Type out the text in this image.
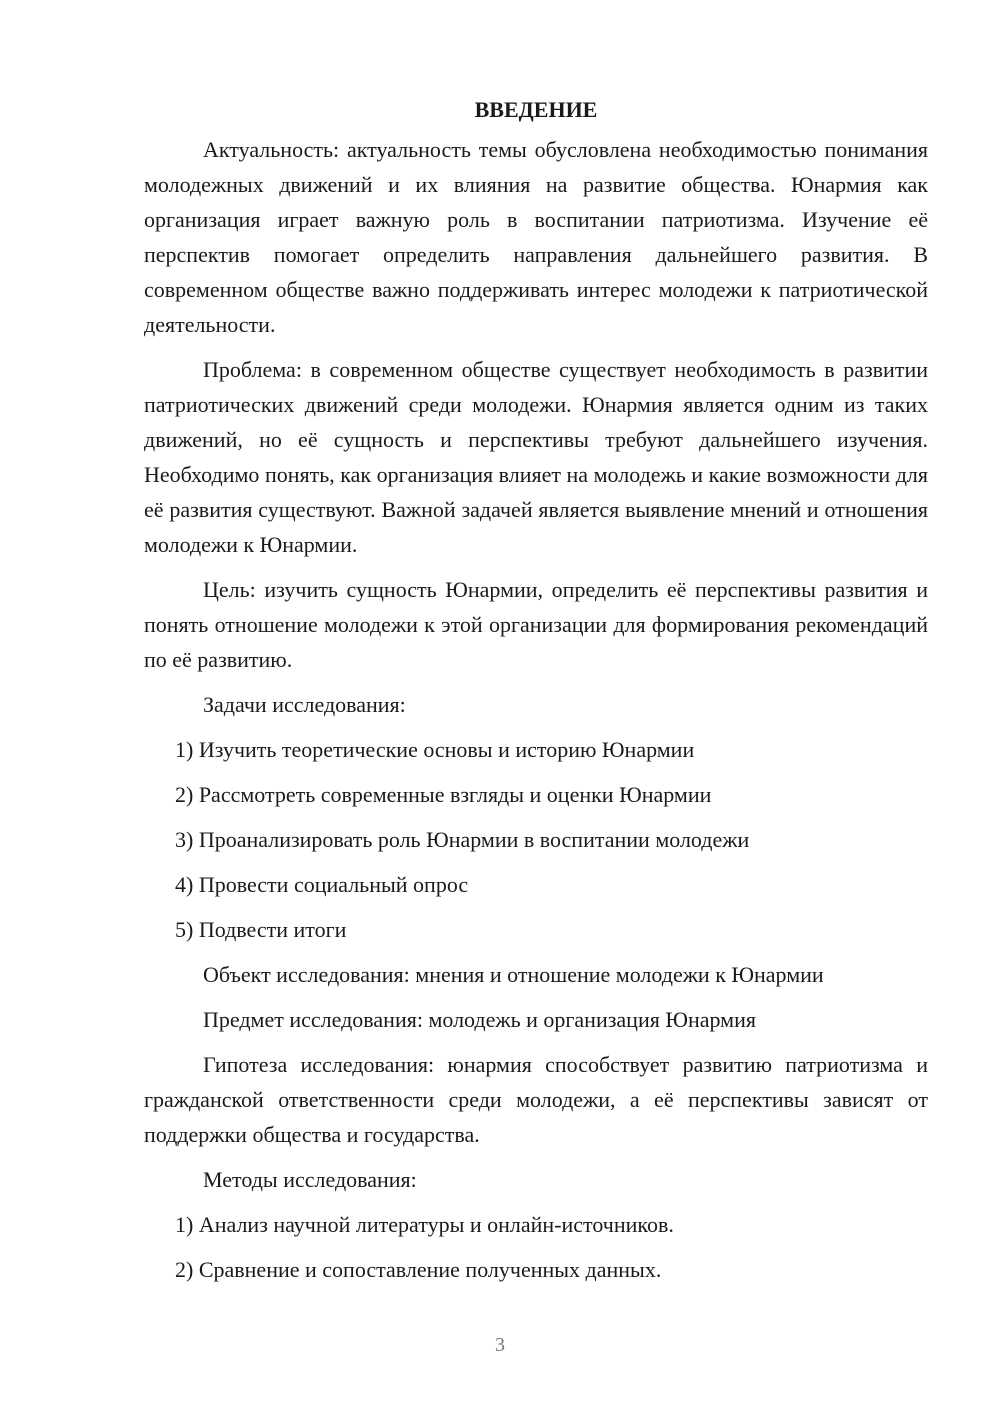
ВВЕДЕНИЕ

Актуальность: актуальность темы обусловлена необходимостью понимания молодежных движений и их влияния на развитие общества. Юнармия как организация играет важную роль в воспитании патриотизма. Изучение её перспектив помогает определить направления дальнейшего развития. В современном обществе важно поддерживать интерес молодежи к патриотической деятельности.

Проблема: в современном обществе существует необходимость в развитии патриотических движений среди молодежи. Юнармия является одним из таких движений, но её сущность и перспективы требуют дальнейшего изучения. Необходимо понять, как организация влияет на молодежь и какие возможности для её развития существуют. Важной задачей является выявление мнений и отношения молодежи к Юнармии.

Цель: изучить сущность Юнармии, определить её перспективы развития и понять отношение молодежи к этой организации для формирования рекомендаций по её развитию.

Задачи исследования:

1) Изучить теоретические основы и историю Юнармии
2) Рассмотреть современные взгляды и оценки Юнармии
3) Проанализировать роль Юнармии в воспитании молодежи
4) Провести социальный опрос
5) Подвести итоги

Объект исследования: мнения и отношение молодежи к Юнармии

Предмет исследования: молодежь и организация Юнармия

Гипотеза исследования: юнармия способствует развитию патриотизма и гражданской ответственности среди молодежи, а её перспективы зависят от поддержки общества и государства.

Методы исследования:

1) Анализ научной литературы и онлайн-источников.
2) Сравнение и сопоставление полученных данных.
3
